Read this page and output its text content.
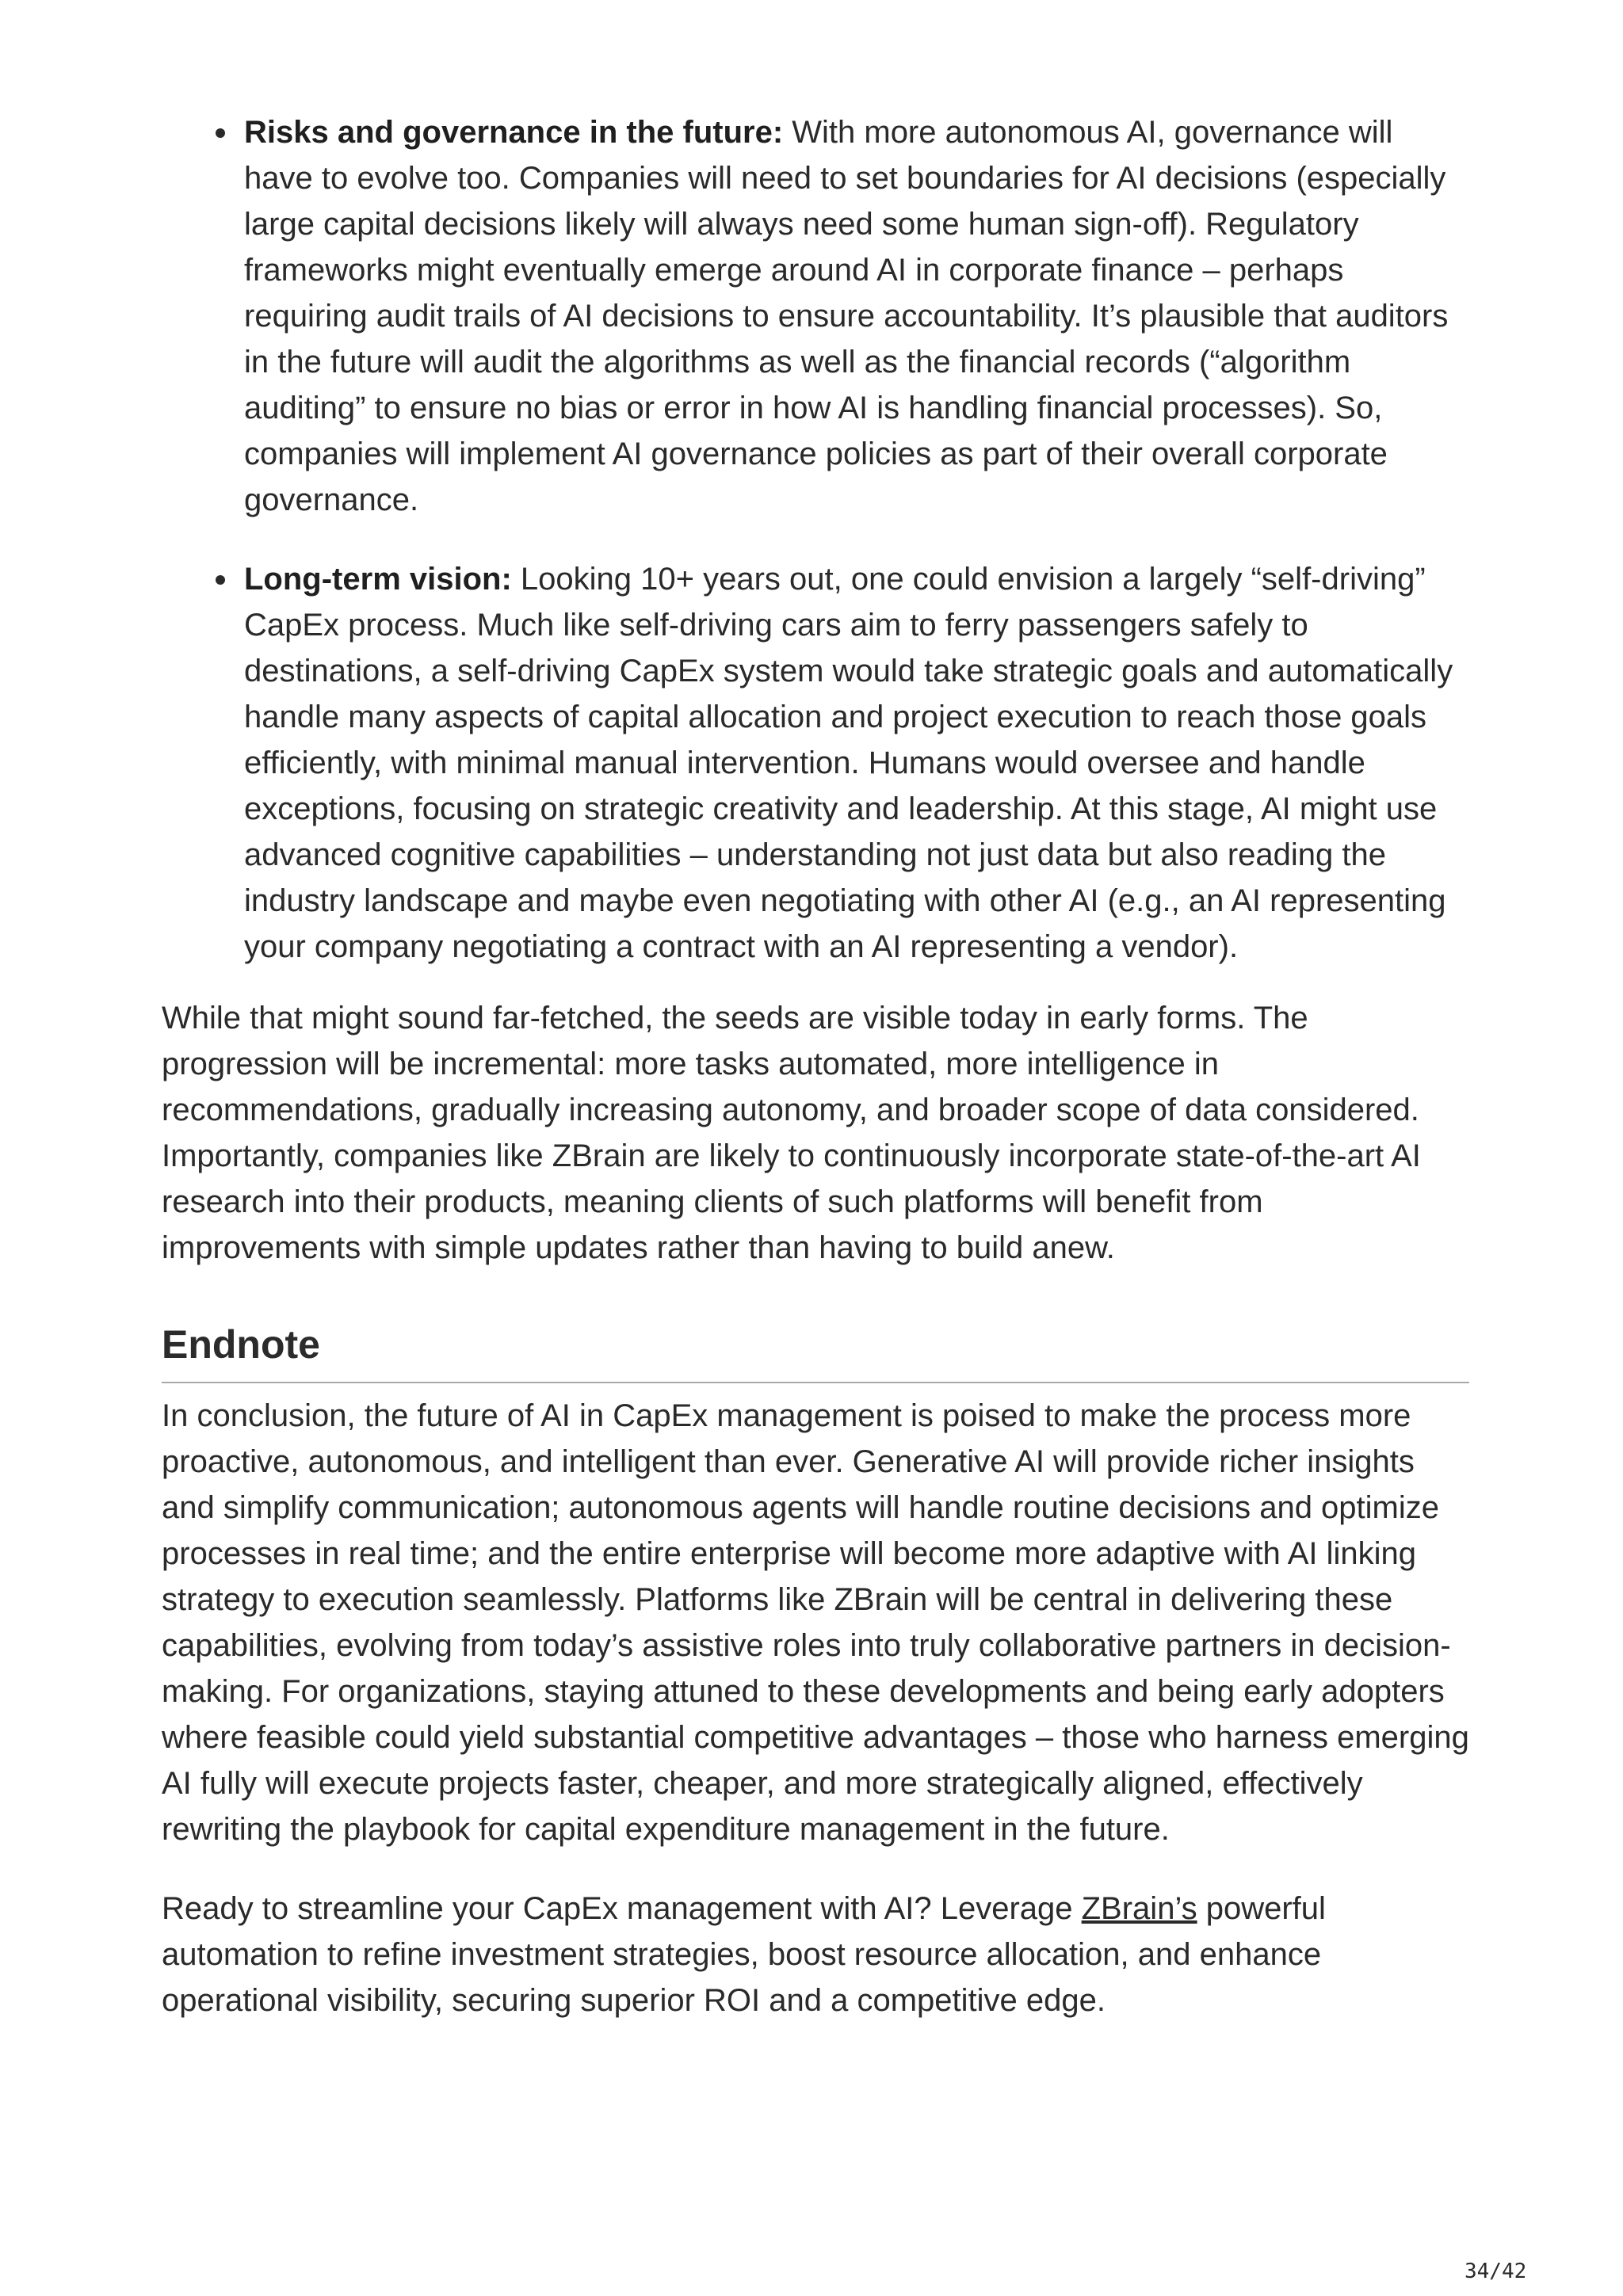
Risks and governance in the future: With more autonomous AI, governance will have to evolve too. Companies will need to set boundaries for AI decisions (especially large capital decisions likely will always need some human sign-off). Regulatory frameworks might eventually emerge around AI in corporate finance – perhaps requiring audit trails of AI decisions to ensure accountability. It’s plausible that auditors in the future will audit the algorithms as well as the financial records (“algorithm auditing” to ensure no bias or error in how AI is handling financial processes). So, companies will implement AI governance policies as part of their overall corporate governance.
Long-term vision: Looking 10+ years out, one could envision a largely “self-driving” CapEx process. Much like self-driving cars aim to ferry passengers safely to destinations, a self-driving CapEx system would take strategic goals and automatically handle many aspects of capital allocation and project execution to reach those goals efficiently, with minimal manual intervention. Humans would oversee and handle exceptions, focusing on strategic creativity and leadership. At this stage, AI might use advanced cognitive capabilities – understanding not just data but also reading the industry landscape and maybe even negotiating with other AI (e.g., an AI representing your company negotiating a contract with an AI representing a vendor).

While that might sound far-fetched, the seeds are visible today in early forms. The progression will be incremental: more tasks automated, more intelligence in recommendations, gradually increasing autonomy, and broader scope of data considered. Importantly, companies like ZBrain are likely to continuously incorporate state-of-the-art AI research into their products, meaning clients of such platforms will benefit from improvements with simple updates rather than having to build anew.

Endnote

In conclusion, the future of AI in CapEx management is poised to make the process more proactive, autonomous, and intelligent than ever. Generative AI will provide richer insights and simplify communication; autonomous agents will handle routine decisions and optimize processes in real time; and the entire enterprise will become more adaptive with AI linking strategy to execution seamlessly. Platforms like ZBrain will be central in delivering these capabilities, evolving from today’s assistive roles into truly collaborative partners in decision-making. For organizations, staying attuned to these developments and being early adopters where feasible could yield substantial competitive advantages – those who harness emerging AI fully will execute projects faster, cheaper, and more strategically aligned, effectively rewriting the playbook for capital expenditure management in the future.

Ready to streamline your CapEx management with AI? Leverage ZBrain’s powerful automation to refine investment strategies, boost resource allocation, and enhance operational visibility, securing superior ROI and a competitive edge.

34/42
